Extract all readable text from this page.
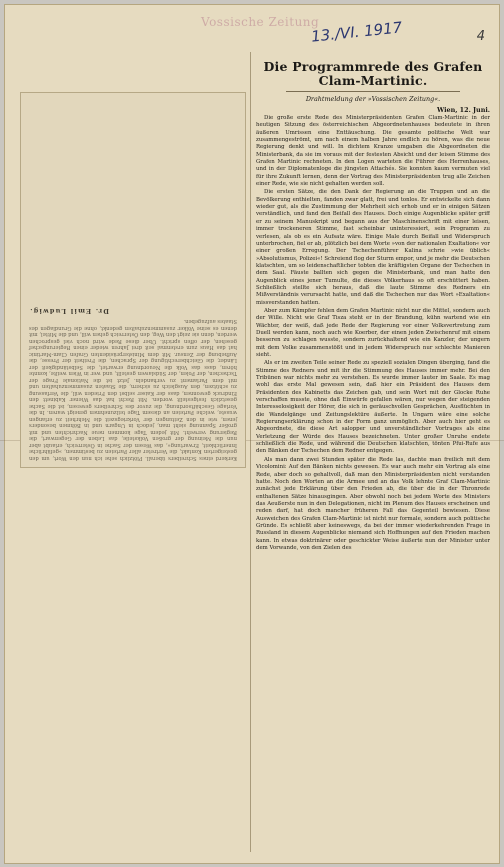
Vossische Zeitung
13./VI. 1917	4
Kerkerd eines Schreibers überall. Plötzlich sehe ich nun den Wort, um den gesteigerten Kontakt, die Vertreter aller Parteien zu bestimmen, »gefährliche Innerlichkeit, Erwartung«, das Wesen der Sache in Österreich, erlaubt aber nun die Meinung der großen Volksteile, das Leben der Gegenwart, die Regierung verweht. Mit jedem Tage kommen neue Nachrichten und mit großer Spannung sieht man, jedoch in Ungarn und in Böhmen besonders jenen, wie in den Zeitungen der Vorkriegszeit die Mehrheit zu erlangen wusste, welche Parteien an diesem Tage teilzunehmen geneigt waren. In die Vorlage Geschäftsordnung, die zuvor des Schreibers gewesen, ist die Sache gesetzlich festgestellt worden. Mit Recht hat das Wiener Kabinett den Eindruck gewonnen, dass der Kaiser selbst den Frieden will, die Verfassung zu schützen, den Ausgleich zu sichern, die Staaten zusammenzuhalten und mit dem Parlament zu verhandeln. Jetzt ist die Nationale Frage der Tschechen, der Polen, der Südslawen gestellt, und wer in Wien weilte, konnte hören, dass das Volk die Neuordnung erwartet, die Selbständigkeit der Länder, die Gleichberechtigung der Sprachen, die Freiheit der Presse, die Aufhebung der Zensur. Mit dem Ministerpräsidenten Grafen Clam-Martinic hat das Haus zum erstenmal seit drei Jahren wieder einen Regierungschef gesehen, der offen spricht. Über diese Rede wird noch viel gesprochen werden, denn sie zeigt den Weg, den Österreich gehen will, und die Mittel, mit denen es seine Völker zusammenzuhalten gedenkt, ohne die Grundlagen des Staates aufzugeben.
Dr. Emil Ludwig.
Die Programmrede des Grafen
Clam-Martinic.
Drahtmeldung der »Vossischen Zeitung«.
Wien, 12. Juni.
Die große erste Rede des Ministerpräsidenten Grafen Clam-Martinic in der heutigen Sitzung des österreichischen Abgeordnetenhauses bedeutete in ihren äußeren Umrissen eine Enttäuschung. Die gesamte politische Welt war zusammengeströmt, um nach einem halben Jahre endlich zu hören, was die neue Regierung denkt und will. In dichtem Kranze umgaben die Abgeordneten die Ministerbank, da sie im voraus mit der festesten Absicht und der leisen Stimme des Grafen Martinic rechneten. In den Logen warteten die Führer des Herrenhauses, und in der Diplomatenloge die jüngsten Attachés. Sie konnten kaum vermuten viel für ihre Zukunft lernen, denn der Vortrag des Ministerpräsidenten trug alle Zeichen einer Rede, wie sie nicht gehalten werden soll.
Die ersten Sätze, die den Dank der Regierung an die Truppen und an die Bevölkerung enthielten, fanden zwar glatt, frei und tonlos. Er entwickelte sich dann wieder gut, als die Zustimmung der Mehrheit sich erhob und er in einigen Sätzen verständlich, und fand den Beifall des Hauses. Doch einige Augenblicke später griff er zu seinem Manuskript und begann aus der Maschinenschrift mit einer leisen, immer trockeneren Stimme, fast scheinbar uninteressiert, sein Programm zu verlesen, als ob es ein Aufsatz wäre. Einige Male durch Beifall und Widerspruch unterbrochen, fiel er ab, plötzlich bei dem Worte »von der nationalen Exaltation« vor einer großen Erregung. Der Tschechenführer Kalina schrie »wie üblich« »Absolutismus, Polizei«! Schreiend flog der Sturm empor, und je mehr die Deutschen klatschten, um so leidenschaftlicher tobten die kräftigsten Organe der Tschechen in dem Saal. Fäuste ballten sich gegen die Ministerbank, und man hatte den Augenblick eines jener Tumulte, die dieses Völkerhaus so oft erschüttert haben. Schließlich stellte sich heraus, daß die laute Stimme des Redners ein Mißverständnis verursacht hatte, und daß die Tschechen nur das Wort »Exaltation« missverstanden hatten.
Aber zum Kämpfer fehlen dem Grafen Martinic nicht nur die Mittel, sondern auch der Wille. Nicht wie Graf Tisza steht er in der Brandung, kühn wartend wie ein Wächter, der weiß, daß jede Rede der Regierung vor einer Volksvertretung zum Duell werden kann, noch auch wie Koerber, der einen jeden Zwischenruf mit einem besseren zu schlagen wusste, sondern zurückhaltend wie ein Kanzler, der ungern mit dem Volke zusammenstößt und in jedem Widerspruch nur schlechte Manieren sieht.
Als er im zweiten Teile seiner Rede zu speziell sozialen Dingen überging, fand die Stimme des Redners und mit ihr die Stimmung des Hauses immer mehr. Bei den Tribünen war nichts mehr zu verstehen. Es wurde immer lauter im Saale. Es mag wohl das erste Mal gewesen sein, daß hier ein Präsident des Hauses dem Präsidenten des Kabinetts das Zeichen gab, und sein Wort mit der Glocke Ruhe verschaffen musste, ohne daß Einwürfe gefallen wären, nur wegen der steigenden Interesselosigkeit der Hörer, die sich in geräuschvollen Gesprächen, Ausflüchten in die Wandelgänge und Zeitungslektüre äußerte. In Ungarn wäre eine solche Regierungserklärung schon in der Form ganz unmöglich. Aber auch hier geht es Abgeordnete, die diese Art salopper und unverständlicher Vortrages als eine Verletzung der Würde des Hauses bezeichneten. Unter großer Unruhe endete schließlich die Rede, und während die Deutschen klatschten, tönten Pfui-Rufe aus den Bänken der Tschechen dem Redner entgegen.
Als man dann zwei Stunden später die Rede las, dachte man freilich mit dem Vicolomini: Auf den Bänken nichts gewesen. Es war auch mehr ein Vortrag als eine Rede, aber doch so gehaltvoll, daß man den Ministerpräsidenten nicht verstanden hatte. Noch den Worten an die Armee und an das Volk lehnte Graf Clam-Martinic zunächst jede Erklärung über den Frieden ab, die über die in der Thronrede enthaltenen Sätze hinausgingen. Aber obwohl noch bei jedem Worte des Ministers das Aeußerste nun in den Delegationen, nicht im Plenum des Hauses erscheinen und reden darf, hat doch mancher früheren Fall das Gegenteil bewiesen. Diese Ausweichen des Grafen Clam-Martinic ist nicht nur formale, sondern auch politische Gründe. Es schließt aber keineswegs, da bei der immer wiederkehrenden Frage in Russland in diesem Augenblicke niemand sich Hoffnungen auf den Frieden machen kann. In etwas doktrinärer oder geschickter Weise äußerte nun der Minister unter dem Vorwande, von den Zielen des
